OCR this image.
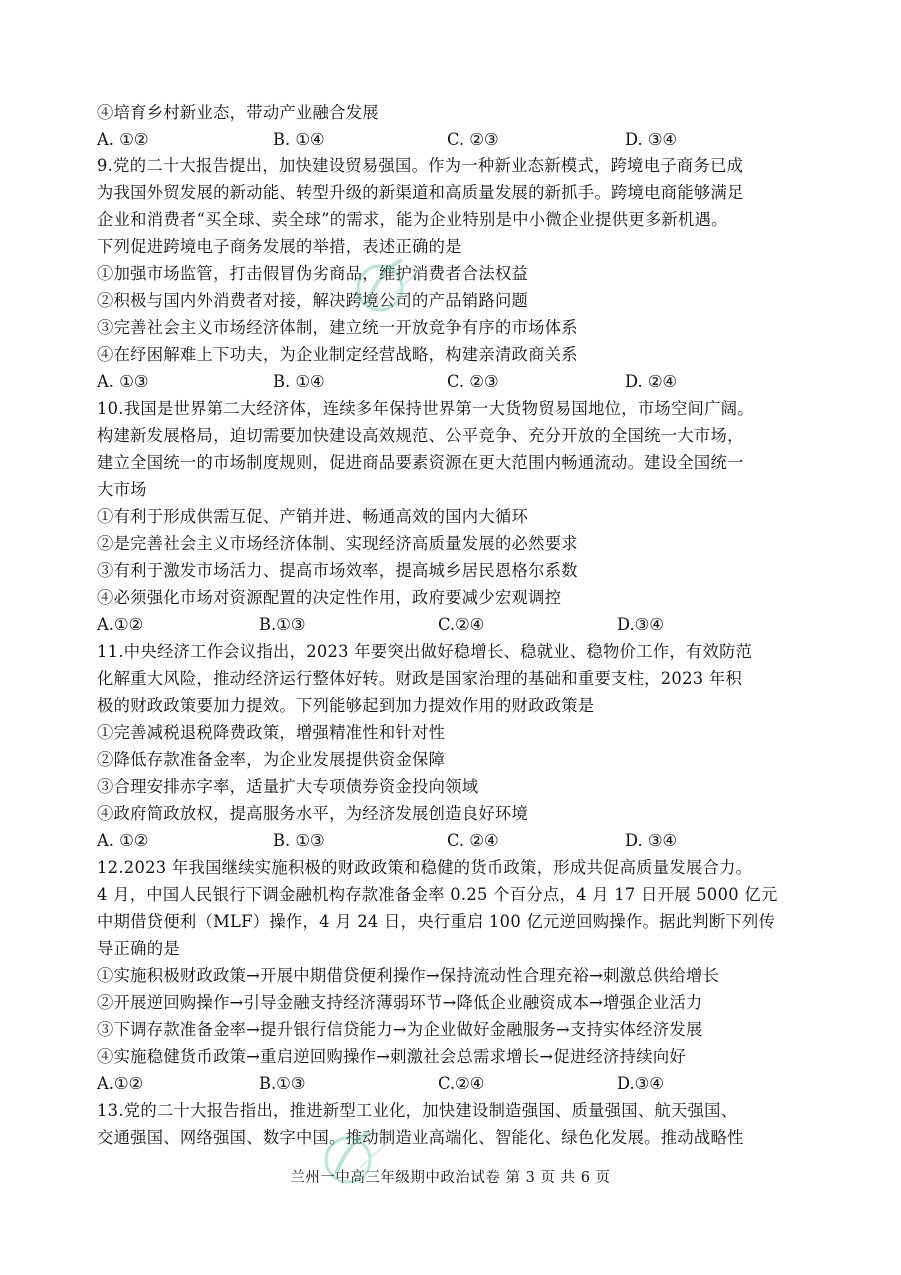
④培育乡村新业态，带动产业融合发展
A. ①②	B. ①④	C. ②③	D. ③④
9.党的二十大报告提出，加快建设贸易强国。作为一种新业态新模式，跨境电子商务已成
为我国外贸发展的新动能、转型升级的新渠道和高质量发展的新抓手。跨境电商能够满足
企业和消费者“买全球、卖全球”的需求，能为企业特别是中小微企业提供更多新机遇。
下列促进跨境电子商务发展的举措，表述正确的是
①加强市场监管，打击假冒伪劣商品，维护消费者合法权益
②积极与国内外消费者对接，解决跨境公司的产品销路问题
③完善社会主义市场经济体制，建立统一开放竞争有序的市场体系
④在纾困解难上下功夫，为企业制定经营战略，构建亲清政商关系
A. ①③	B. ①④	C. ②③	D. ②④
10.我国是世界第二大经济体，连续多年保持世界第一大货物贸易国地位，市场空间广阔。
构建新发展格局，迫切需要加快建设高效规范、公平竞争、充分开放的全国统一大市场，
建立全国统一的市场制度规则，促进商品要素资源在更大范围内畅通流动。建设全国统一
大市场
①有利于形成供需互促、产销并进、畅通高效的国内大循环
②是完善社会主义市场经济体制、实现经济高质量发展的必然要求
③有利于激发市场活力、提高市场效率，提高城乡居民恩格尔系数
④必须强化市场对资源配置的决定性作用，政府要减少宏观调控
A.①②	B.①③	C.②④	D.③④
11.中央经济工作会议指出，2023 年要突出做好稳增长、稳就业、稳物价工作，有效防范
化解重大风险，推动经济运行整体好转。财政是国家治理的基础和重要支柱，2023 年积
极的财政政策要加力提效。下列能够起到加力提效作用的财政政策是
①完善减税退税降费政策，增强精准性和针对性
②降低存款准备金率，为企业发展提供资金保障
③合理安排赤字率，适量扩大专项债券资金投向领域
④政府简政放权，提高服务水平，为经济发展创造良好环境
A. ①②	B. ①③	C. ②④	D. ③④
12.2023 年我国继续实施积极的财政政策和稳健的货币政策，形成共促高质量发展合力。
4 月，中国人民银行下调金融机构存款准备金率 0.25 个百分点，4 月 17 日开展 5000 亿元
中期借贷便利（MLF）操作，4 月 24 日，央行重启 100 亿元逆回购操作。据此判断下列传
导正确的是
①实施积极财政政策→开展中期借贷便利操作→保持流动性合理充裕→刺激总供给增长
②开展逆回购操作→引导金融支持经济薄弱环节→降低企业融资成本→增强企业活力
③下调存款准备金率→提升银行信贷能力→为企业做好金融服务→支持实体经济发展
④实施稳健货币政策→重启逆回购操作→刺激社会总需求增长→促进经济持续向好
A.①②	B.①③	C.②④	D.③④
13.党的二十大报告指出，推进新型工业化，加快建设制造强国、质量强国、航天强国、
交通强国、网络强国、数字中国。推动制造业高端化、智能化、绿色化发展。推动战略性
兰州一中高三年级期中政治试卷 第 3 页 共 6 页
